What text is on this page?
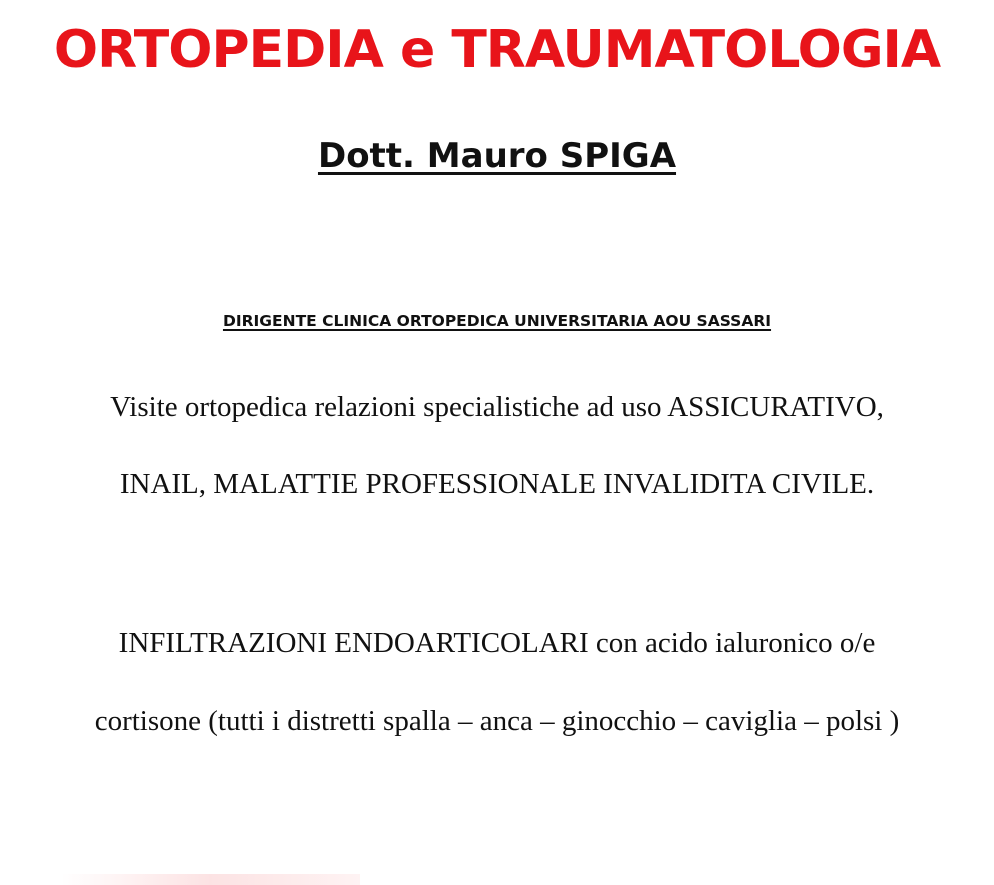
ORTOPEDIA e TRAUMATOLOGIA
Dott. Mauro SPIGA
DIRIGENTE CLINICA ORTOPEDICA UNIVERSITARIA AOU SASSARI
Visite ortopedica relazioni specialistiche ad uso ASSICURATIVO,
INAIL, MALATTIE PROFESSIONALE INVALIDITA CIVILE.
INFILTRAZIONI ENDOARTICOLARI con acido ialuronico o/e
cortisone (tutti i distretti spalla – anca – ginocchio – caviglia – polsi )
